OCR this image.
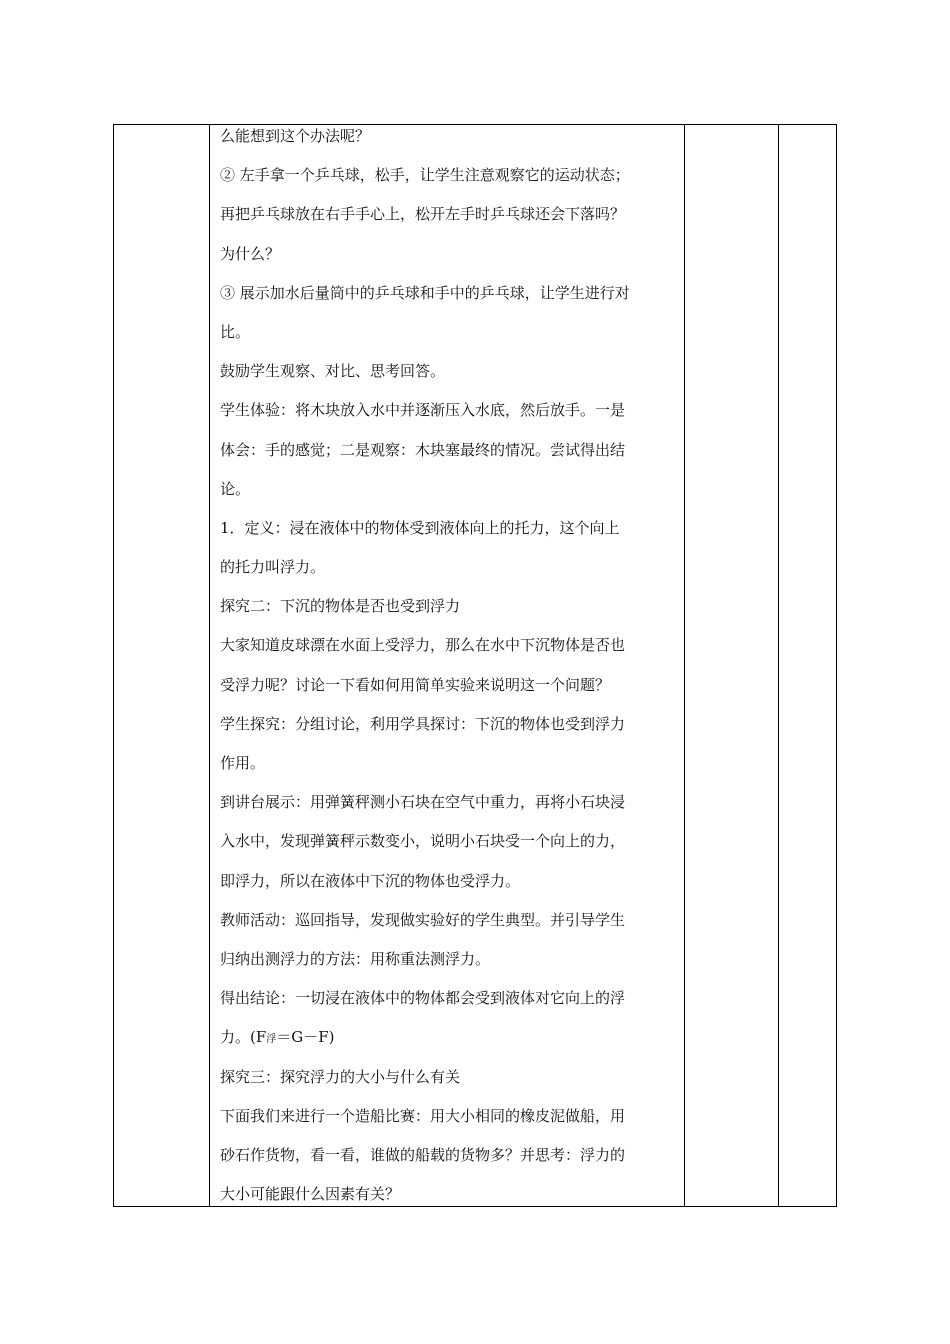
么能想到这个办法呢？
② 左手拿一个乒乓球，松手，让学生注意观察它的运动状态；
再把乒乓球放在右手手心上，松开左手时乒乓球还会下落吗？
为什么？
③ 展示加水后量筒中的乒乓球和手中的乒乓球，让学生进行对
比。
鼓励学生观察、对比、思考回答。
学生体验：将木块放入水中并逐渐压入水底，然后放手。一是
体会：手的感觉；二是观察：木块塞最终的情况。尝试得出结
论。
1．定义：浸在液体中的物体受到液体向上的托力，这个向上
的托力叫浮力。
探究二：下沉的物体是否也受到浮力
大家知道皮球漂在水面上受浮力，那么在水中下沉物体是否也
受浮力呢？讨论一下看如何用简单实验来说明这一个问题？
学生探究：分组讨论，利用学具探讨：下沉的物体也受到浮力
作用。
到讲台展示：用弹簧秤测小石块在空气中重力，再将小石块浸
入水中，发现弹簧秤示数变小，说明小石块受一个向上的力，
即浮力，所以在液体中下沉的物体也受浮力。
教师活动：巡回指导，发现做实验好的学生典型。并引导学生
归纳出测浮力的方法：用称重法测浮力。
得出结论：一切浸在液体中的物体都会受到液体对它向上的浮
力。(F浮＝G－F)
探究三：探究浮力的大小与什么有关
下面我们来进行一个造船比赛：用大小相同的橡皮泥做船，用
砂石作货物，看一看，谁做的船载的货物多？并思考：浮力的
大小可能跟什么因素有关？
